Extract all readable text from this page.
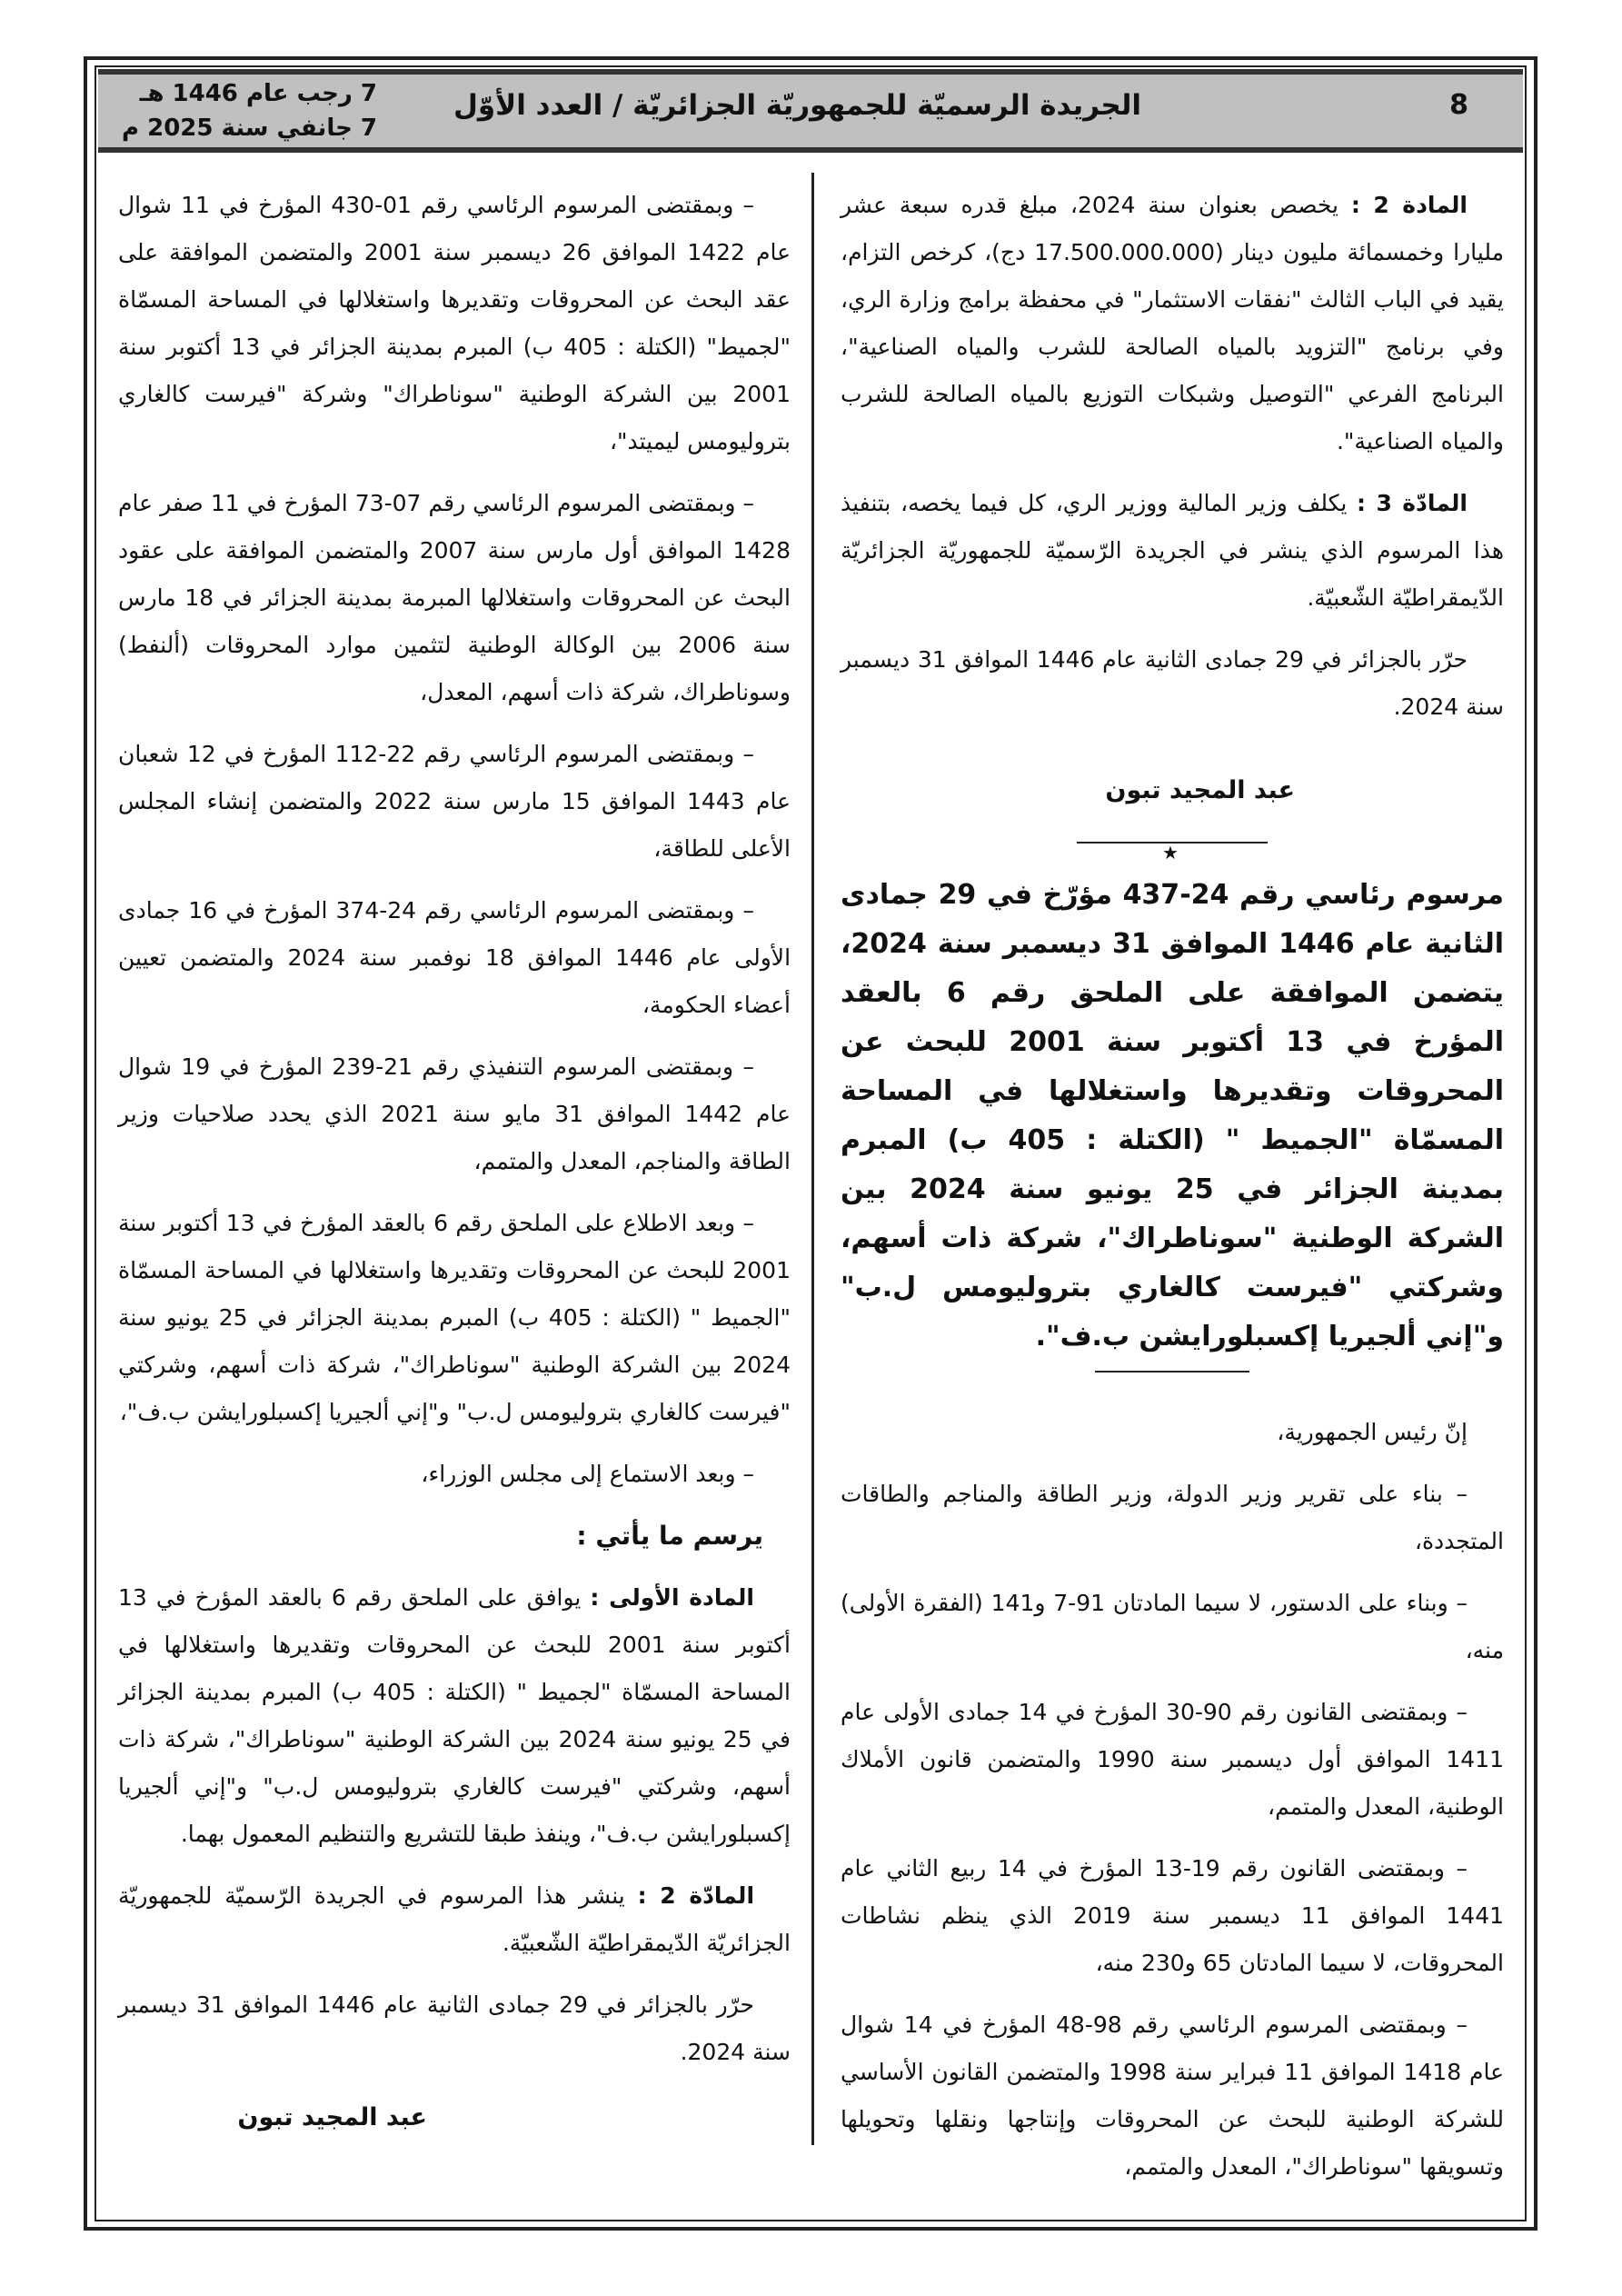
8
الجريدة الرسميّة للجمهوريّة الجزائريّة / العدد الأوّل
7 رجب عام 1446 هـ
7 جانفي سنة 2025 م

المادة 2 : يخصص بعنوان سنة 2024، مبلغ قدره سبعة عشر مليارا وخمسمائة مليون دينار (17.500.000.000 دج)، كرخص التزام، يقيد في الباب الثالث "نفقات الاستثمار" في محفظة برامج وزارة الري، وفي برنامج "التزويد بالمياه الصالحة للشرب والمياه الصناعية"، البرنامج الفرعي "التوصيل وشبكات التوزيع بالمياه الصالحة للشرب والمياه الصناعية".

المادّة 3 : يكلف وزير المالية ووزير الري، كل فيما يخصه، بتنفيذ هذا المرسوم الذي ينشر في الجريدة الرّسميّة للجمهوريّة الجزائريّة الدّيمقراطيّة الشّعبيّة.

حرّر بالجزائر في 29 جمادى الثانية عام 1446 الموافق 31 ديسمبر سنة 2024.

عبد المجيد تبون

★

مرسوم رئاسي رقم 24-437 مؤرّخ في 29 جمادى الثانية عام 1446 الموافق 31 ديسمبر سنة 2024، يتضمن الموافقة على الملحق رقم 6 بالعقد المؤرخ في 13 أكتوبر سنة 2001 للبحث عن المحروقات وتقديرها واستغلالها في المساحة المسمّاة "الجميط " (الكتلة : 405 ب) المبرم بمدينة الجزائر في 25 يونيو سنة 2024 بين الشركة الوطنية "سوناطراك"، شركة ذات أسهم، وشركتي "فيرست كالغاري بتروليومس ل.ب" و"إني ألجيريا إكسبلورايشن ب.ف".

إنّ رئيس الجمهورية،

– بناء على تقرير وزير الدولة، وزير الطاقة والمناجم والطاقات المتجددة،

– وبناء على الدستور، لا سيما المادتان 91-7 و141 (الفقرة الأولى) منه،

– وبمقتضى القانون رقم 90-30 المؤرخ في 14 جمادى الأولى عام 1411 الموافق أول ديسمبر سنة 1990 والمتضمن قانون الأملاك الوطنية، المعدل والمتمم،

– وبمقتضى القانون رقم 19-13 المؤرخ في 14 ربيع الثاني عام 1441 الموافق 11 ديسمبر سنة 2019 الذي ينظم نشاطات المحروقات، لا سيما المادتان 65 و230 منه،

– وبمقتضى المرسوم الرئاسي رقم 98-48 المؤرخ في 14 شوال عام 1418 الموافق 11 فبراير سنة 1998 والمتضمن القانون الأساسي للشركة الوطنية للبحث عن المحروقات وإنتاجها ونقلها وتحويلها وتسويقها "سوناطراك"، المعدل والمتمم،

– وبمقتضى المرسوم الرئاسي رقم 01-430 المؤرخ في 11 شوال عام 1422 الموافق 26 ديسمبر سنة 2001 والمتضمن الموافقة على عقد البحث عن المحروقات وتقديرها واستغلالها في المساحة المسمّاة "لجميط" (الكتلة : 405 ب) المبرم بمدينة الجزائر في 13 أكتوبر سنة 2001 بين الشركة الوطنية "سوناطراك" وشركة "فيرست كالغاري بتروليومس ليميتد"،

– وبمقتضى المرسوم الرئاسي رقم 07-73 المؤرخ في 11 صفر عام 1428 الموافق أول مارس سنة 2007 والمتضمن الموافقة على عقود البحث عن المحروقات واستغلالها المبرمة بمدينة الجزائر في 18 مارس سنة 2006 بين الوكالة الوطنية لتثمين موارد المحروقات (ألنفط) وسوناطراك، شركة ذات أسهم، المعدل،

– وبمقتضى المرسوم الرئاسي رقم 22-112 المؤرخ في 12 شعبان عام 1443 الموافق 15 مارس سنة 2022 والمتضمن إنشاء المجلس الأعلى للطاقة،

– وبمقتضى المرسوم الرئاسي رقم 24-374 المؤرخ في 16 جمادى الأولى عام 1446 الموافق 18 نوفمبر سنة 2024 والمتضمن تعيين أعضاء الحكومة،

– وبمقتضى المرسوم التنفيذي رقم 21-239 المؤرخ في 19 شوال عام 1442 الموافق 31 مايو سنة 2021 الذي يحدد صلاحيات وزير الطاقة والمناجم، المعدل والمتمم،

– وبعد الاطلاع على الملحق رقم 6 بالعقد المؤرخ في 13 أكتوبر سنة 2001 للبحث عن المحروقات وتقديرها واستغلالها في المساحة المسمّاة "الجميط " (الكتلة : 405 ب) المبرم بمدينة الجزائر في 25 يونيو سنة 2024 بين الشركة الوطنية "سوناطراك"، شركة ذات أسهم، وشركتي "فيرست كالغاري بتروليومس ل.ب" و"إني ألجيريا إكسبلورايشن ب.ف"،

– وبعد الاستماع إلى مجلس الوزراء،

يرسم ما يأتي :

المادة الأولى : يوافق على الملحق رقم 6 بالعقد المؤرخ في 13 أكتوبر سنة 2001 للبحث عن المحروقات وتقديرها واستغلالها في المساحة المسمّاة "لجميط " (الكتلة : 405 ب) المبرم بمدينة الجزائر في 25 يونيو سنة 2024 بين الشركة الوطنية "سوناطراك"، شركة ذات أسهم، وشركتي "فيرست كالغاري بتروليومس ل.ب" و"إني ألجيريا إكسبلورايشن ب.ف"، وينفذ طبقا للتشريع والتنظيم المعمول بهما.

المادّة 2 : ينشر هذا المرسوم في الجريدة الرّسميّة للجمهوريّة الجزائريّة الدّيمقراطيّة الشّعبيّة.

حرّر بالجزائر في 29 جمادى الثانية عام 1446 الموافق 31 ديسمبر سنة 2024.

عبد المجيد تبون
